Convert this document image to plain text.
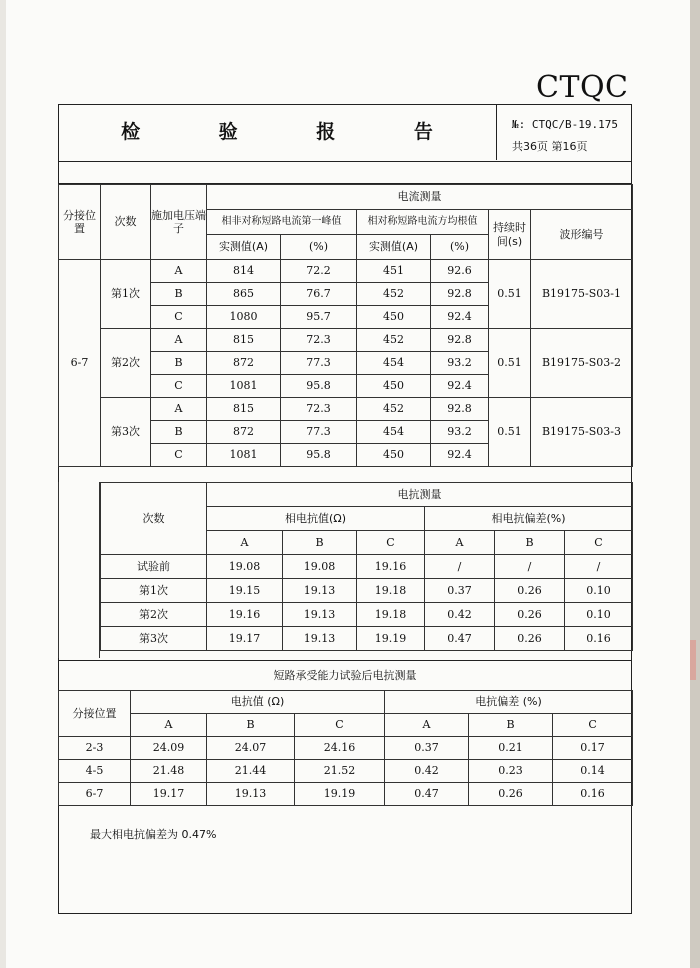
CTQC
检 验 报 告	№: CTQC/B-19.175
共36页 第16页
分接位置	次数	施加电压端子	电流测量					
			相非对称短路电流第一峰值		相对称短路电流方均根值		持续时间(s)	波形编号
			实测值(A)	(%)	实测值(A)	(%)		
6-7	第1次	A	814	72.2	451	92.6	0.51	B19175-S03-1
		B	865	76.7	452	92.8		
		C	1080	95.7	450	92.4		
	第2次	A	815	72.3	452	92.8	0.51	B19175-S03-2
		B	872	77.3	454	93.2		
		C	1081	95.8	450	92.4		
	第3次	A	815	72.3	452	92.8	0.51	B19175-S03-3
		B	872	77.3	454	93.2		
		C	1081	95.8	450	92.4		
次数	电抗测量					
	相电抗值(Ω)			相电抗偏差(%)		
	A	B	C	A	B	C
试验前	19.08	19.08	19.16	/	/	/
第1次	19.15	19.13	19.18	0.37	0.26	0.10
第2次	19.16	19.13	19.18	0.42	0.26	0.10
第3次	19.17	19.13	19.19	0.47	0.26	0.16
短路承受能力试验后电抗测量
分接位置	电抗值 (Ω)			电抗偏差 (%)		
	A	B	C	A	B	C
2-3	24.09	24.07	24.16	0.37	0.21	0.17
4-5	21.48	21.44	21.52	0.42	0.23	0.14
6-7	19.17	19.13	19.19	0.47	0.26	0.16
最大相电抗偏差为 0.47%
